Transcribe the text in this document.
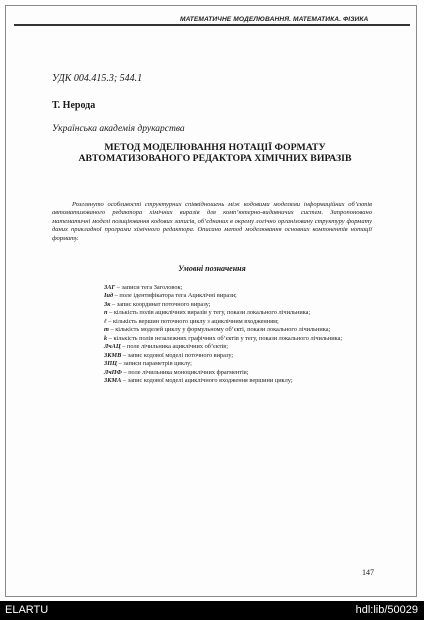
МАТЕМАТИЧНЕ МОДЕЛЮВАННЯ. МАТЕМАТИКА. ФІЗИКА
УДК 004.415.3; 544.1
Т. Нерода
Українська академія друкарства
МЕТОД МОДЕЛЮВАННЯ НОТАЦІЇ ФОРМАТУ
АВТОМАТИЗОВАНОГО РЕДАКТОРА ХІМІЧНИХ ВИРАЗІВ

Розглянуто особливості структурних співвідношень між кодовими моделями інформаційних об’єктів автоматизованого редактора хімічних виразів для комп’ютерно-видавничих систем. Запропоновано математичні моделі позиціювання кодових записів, об’єднаних в окрему логічно організовану структуру формату даних прикладної програми хімічного редактора. Описано метод моделювання основних компонентів нотації формату.

Умовні позначення
ЗАГ – записи тега Заголовок;
Iид – поле ідентифікатора тега Ациклічні вирази;
Зк – запис координат поточного виразу;
n – кількість полів ациклічних виразів у тегу, покази локального лічильника;
ℓ – кількість вершин поточного циклу з ациклічним входженням;
m – кількість моделей циклу у формульному об’єкті, покази локального лічильника;
k – кількість полів незалежних графічних об’єктів у тегу, покази локального лічильника;
ЛчАЦ – поле лічильника ациклічних об’єктів;
ЗКМВ – запис кодової моделі поточного виразу;
ЗПЦ – записи параметрів циклу;
ЛчПФ – поле лічильника моноциклічних фрагментів;
ЗКМА – запис кодової моделі ациклічного входження вершини циклу;
147
ELARTU	hdl:lib/50029
